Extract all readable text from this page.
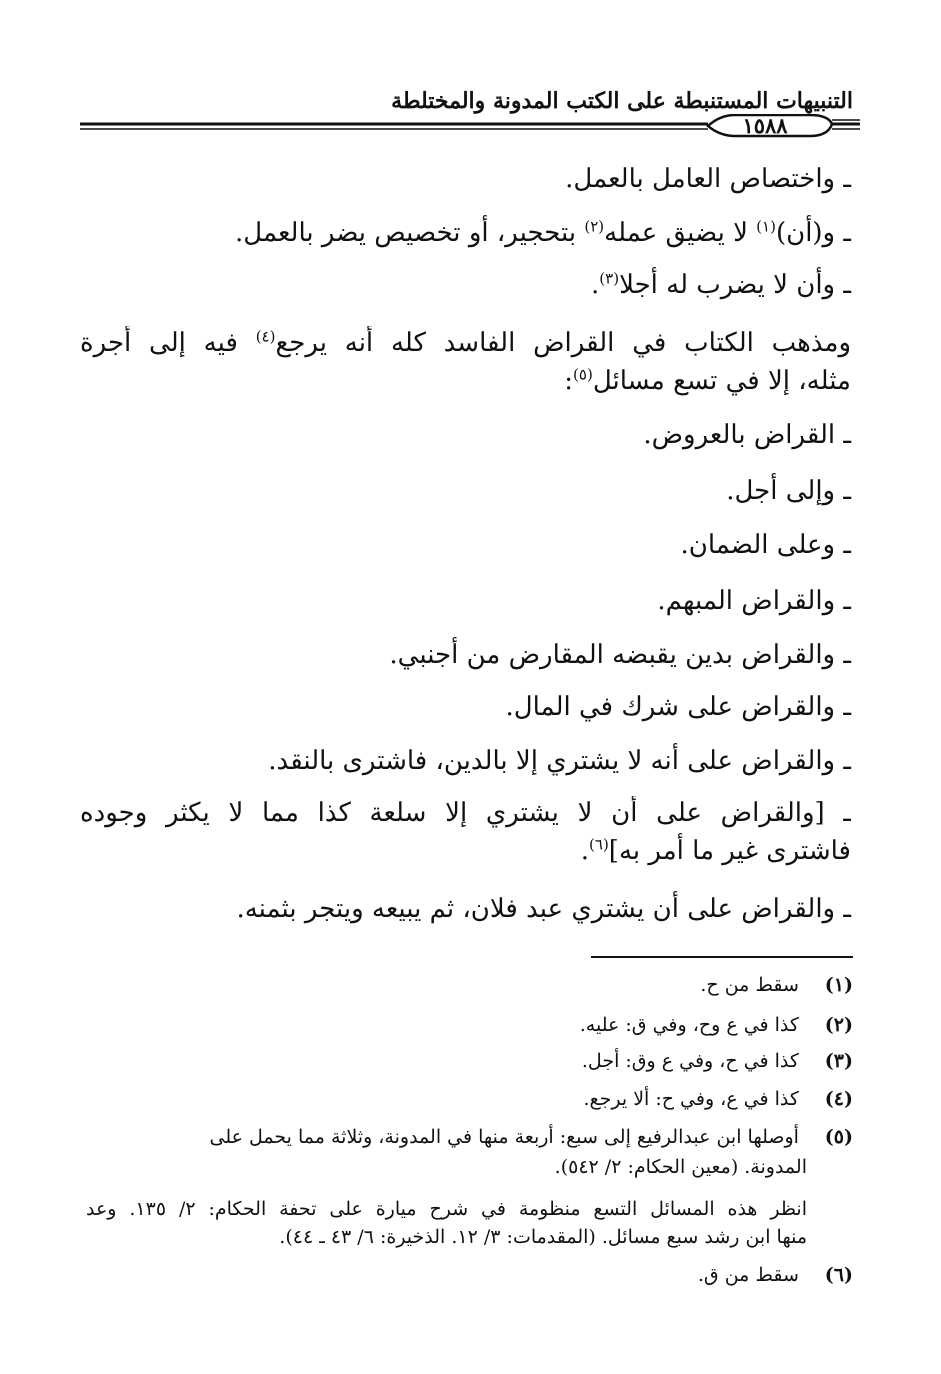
التنبيهات المستنبطة على الكتب المدونة والمختلطة
١٥٨٨
ـ واختصاص العامل بالعمل.
ـ و(أن)$^{(١)}$ لا يضيق عمله$^{(٢)}$ بتحجير، أو تخصيص يضر بالعمل.
ـ وأن لا يضرب له أجلا$^{(٣)}$.
ومذهب الكتاب في القراض الفاسد كله أنه يرجع$^{(٤)}$ فيه إلى أجرة
مثله، إلا في تسع مسائل$^{(٥)}$:
ـ القراض بالعروض.
ـ وإلى أجل.
ـ وعلى الضمان.
ـ والقراض المبهم.
ـ والقراض بدين يقبضه المقارض من أجنبي.
ـ والقراض على شرك في المال.
ـ والقراض على أنه لا يشتري إلا بالدين، فاشترى بالنقد.
ـ [والقراض على أن لا يشتري إلا سلعة كذا مما لا يكثر وجوده
فاشترى غير ما أمر به]$^{(٦)}$.
ـ والقراض على أن يشتري عبد فلان، ثم يبيعه ويتجر بثمنه.
(١) سقط من ح.
(٢) كذا في ع وح، وفي ق: عليه.
(٣) كذا في ح، وفي ع وق: أجل.
(٤) كذا في ع، وفي ح: ألا يرجع.
(٥) أوصلها ابن عبدالرفيع إلى سبع: أربعة منها في المدونة، وثلاثة مما يحمل على
المدونة. (معين الحكام: ٢/ ٥٤٢).
انظر هذه المسائل التسع منظومة في شرح ميارة على تحفة الحكام: ٢/ ١٣٥. وعد
منها ابن رشد سبع مسائل. (المقدمات: ٣/ ١٢. الذخيرة: ٦/ ٤٣ ـ ٤٤).
(٦) سقط من ق.
